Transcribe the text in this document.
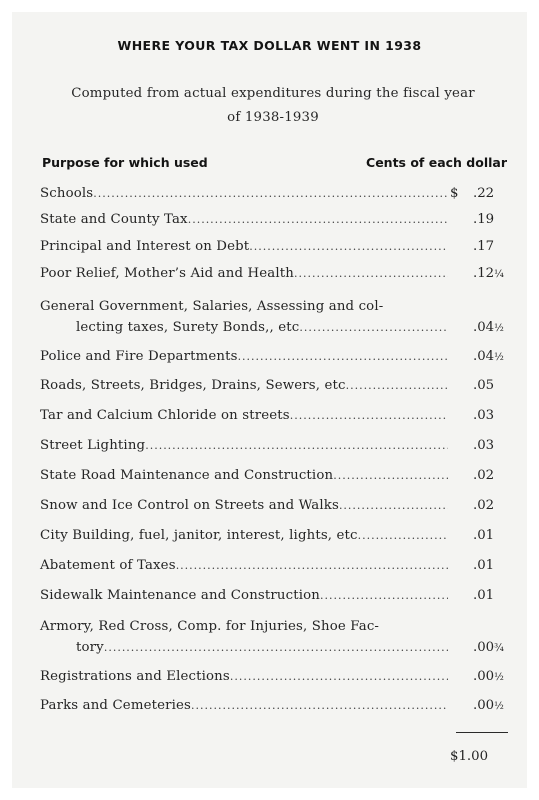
WHERE YOUR TAX DOLLAR WENT IN 1938
Computed from actual expenditures during the fiscal year
of 1938-1939
Purpose for which used	Cents of each dollar
Schools .....	$ .22
State and County Tax .....	.19
Principal and Interest on Debt .....	.17
Poor Relief, Mother’s Aid and Health .....	.12¼
General Government, Salaries, Assessing and col-
lecting taxes, Surety Bonds,, etc .....	.04½
Police and Fire Departments .....	.04½
Roads, Streets, Bridges, Drains, Sewers, etc .....	.05
Tar and Calcium Chloride on streets .....	.03
Street Lighting .....	.03
State Road Maintenance and Construction .....	.02
Snow and Ice Control on Streets and Walks .....	.02
City Building, fuel, janitor, interest, lights, etc .....	.01
Abatement of Taxes .....	.01
Sidewalk Maintenance and Construction .....	.01
Armory, Red Cross, Comp. for Injuries, Shoe Fac-
tory .....	.00¾
Registrations and Elections .....	.00½
Parks and Cemeteries .....	.00½
$1.00
